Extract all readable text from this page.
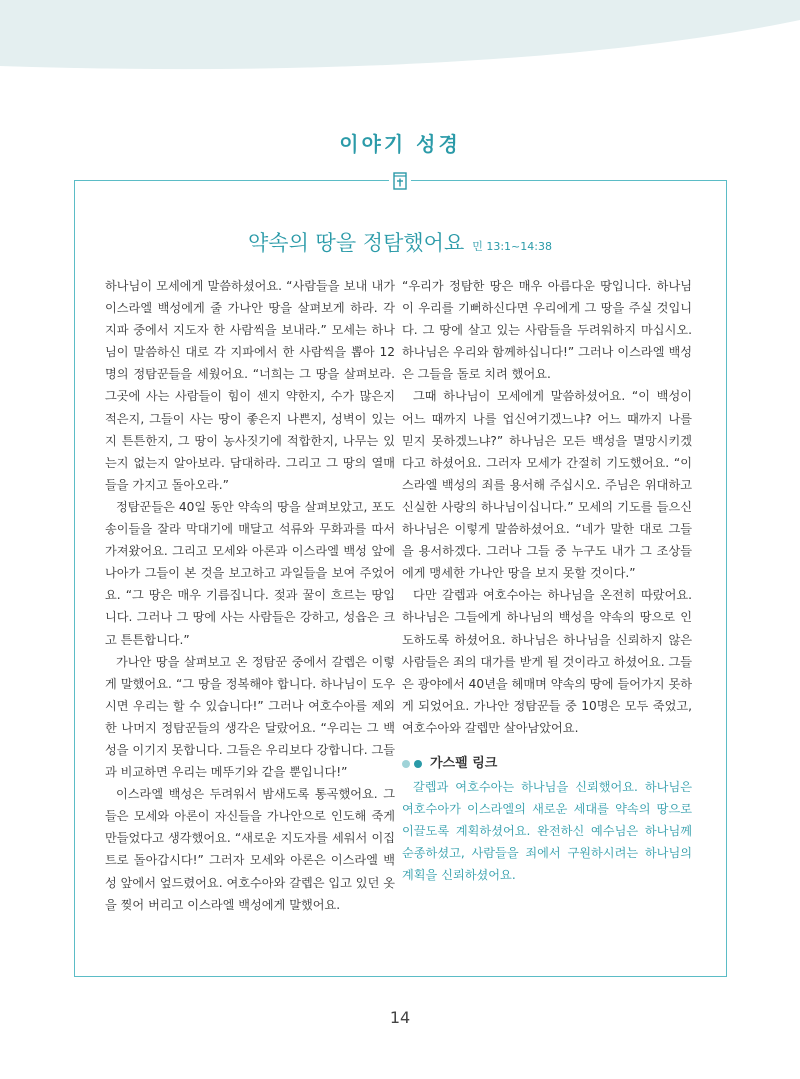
이야기 성경
약속의 땅을 정탐했어요 민 13:1~14:38

하나님이 모세에게 말씀하셨어요. “사람들을 보내 내가 이스라엘 백성에게 줄 가나안 땅을 살펴보게 하라. 각 지파 중에서 지도자 한 사람씩을 보내라.” 모세는 하나님이 말씀하신 대로 각 지파에서 한 사람씩을 뽑아 12명의 정탐꾼들을 세웠어요. “너희는 그 땅을 살펴보라. 그곳에 사는 사람들이 힘이 센지 약한지, 수가 많은지 적은지, 그들이 사는 땅이 좋은지 나쁜지, 성벽이 있는지 튼튼한지, 그 땅이 농사짓기에 적합한지, 나무는 있는지 없는지 알아보라. 담대하라. 그리고 그 땅의 열매들을 가지고 돌아오라.”

정탐꾼들은 40일 동안 약속의 땅을 살펴보았고, 포도송이들을 잘라 막대기에 매달고 석류와 무화과를 따서 가져왔어요. 그리고 모세와 아론과 이스라엘 백성 앞에 나아가 그들이 본 것을 보고하고 과일들을 보여 주었어요. “그 땅은 매우 기름집니다. 젖과 꿀이 흐르는 땅입니다. 그러나 그 땅에 사는 사람들은 강하고, 성읍은 크고 튼튼합니다.”

가나안 땅을 살펴보고 온 정탐꾼 중에서 갈렙은 이렇게 말했어요. “그 땅을 정복해야 합니다. 하나님이 도우시면 우리는 할 수 있습니다!” 그러나 여호수아를 제외한 나머지 정탐꾼들의 생각은 달랐어요. “우리는 그 백성을 이기지 못합니다. 그들은 우리보다 강합니다. 그들과 비교하면 우리는 메뚜기와 같을 뿐입니다!”

이스라엘 백성은 두려워서 밤새도록 통곡했어요. 그들은 모세와 아론이 자신들을 가나안으로 인도해 죽게 만들었다고 생각했어요. “새로운 지도자를 세워서 이집트로 돌아갑시다!” 그러자 모세와 아론은 이스라엘 백성 앞에서 엎드렸어요. 여호수아와 갈렙은 입고 있던 옷을 찢어 버리고 이스라엘 백성에게 말했어요.

“우리가 정탐한 땅은 매우 아름다운 땅입니다. 하나님이 우리를 기뻐하신다면 우리에게 그 땅을 주실 것입니다. 그 땅에 살고 있는 사람들을 두려워하지 마십시오. 하나님은 우리와 함께하십니다!” 그러나 이스라엘 백성은 그들을 돌로 치려 했어요.

그때 하나님이 모세에게 말씀하셨어요. “이 백성이 어느 때까지 나를 업신여기겠느냐? 어느 때까지 나를 믿지 못하겠느냐?” 하나님은 모든 백성을 멸망시키겠다고 하셨어요. 그러자 모세가 간절히 기도했어요. “이스라엘 백성의 죄를 용서해 주십시오. 주님은 위대하고 신실한 사랑의 하나님이십니다.” 모세의 기도를 들으신 하나님은 이렇게 말씀하셨어요. “네가 말한 대로 그들을 용서하겠다. 그러나 그들 중 누구도 내가 그 조상들에게 맹세한 가나안 땅을 보지 못할 것이다.”

다만 갈렙과 여호수아는 하나님을 온전히 따랐어요. 하나님은 그들에게 하나님의 백성을 약속의 땅으로 인도하도록 하셨어요. 하나님은 하나님을 신뢰하지 않은 사람들은 죄의 대가를 받게 될 것이라고 하셨어요. 그들은 광야에서 40년을 헤매며 약속의 땅에 들어가지 못하게 되었어요. 가나안 정탐꾼들 중 10명은 모두 죽었고, 여호수아와 갈렙만 살아남았어요.

가스펠 링크

갈렙과 여호수아는 하나님을 신뢰했어요. 하나님은 여호수아가 이스라엘의 새로운 세대를 약속의 땅으로 이끌도록 계획하셨어요. 완전하신 예수님은 하나님께 순종하셨고, 사람들을 죄에서 구원하시려는 하나님의 계획을 신뢰하셨어요.

14
